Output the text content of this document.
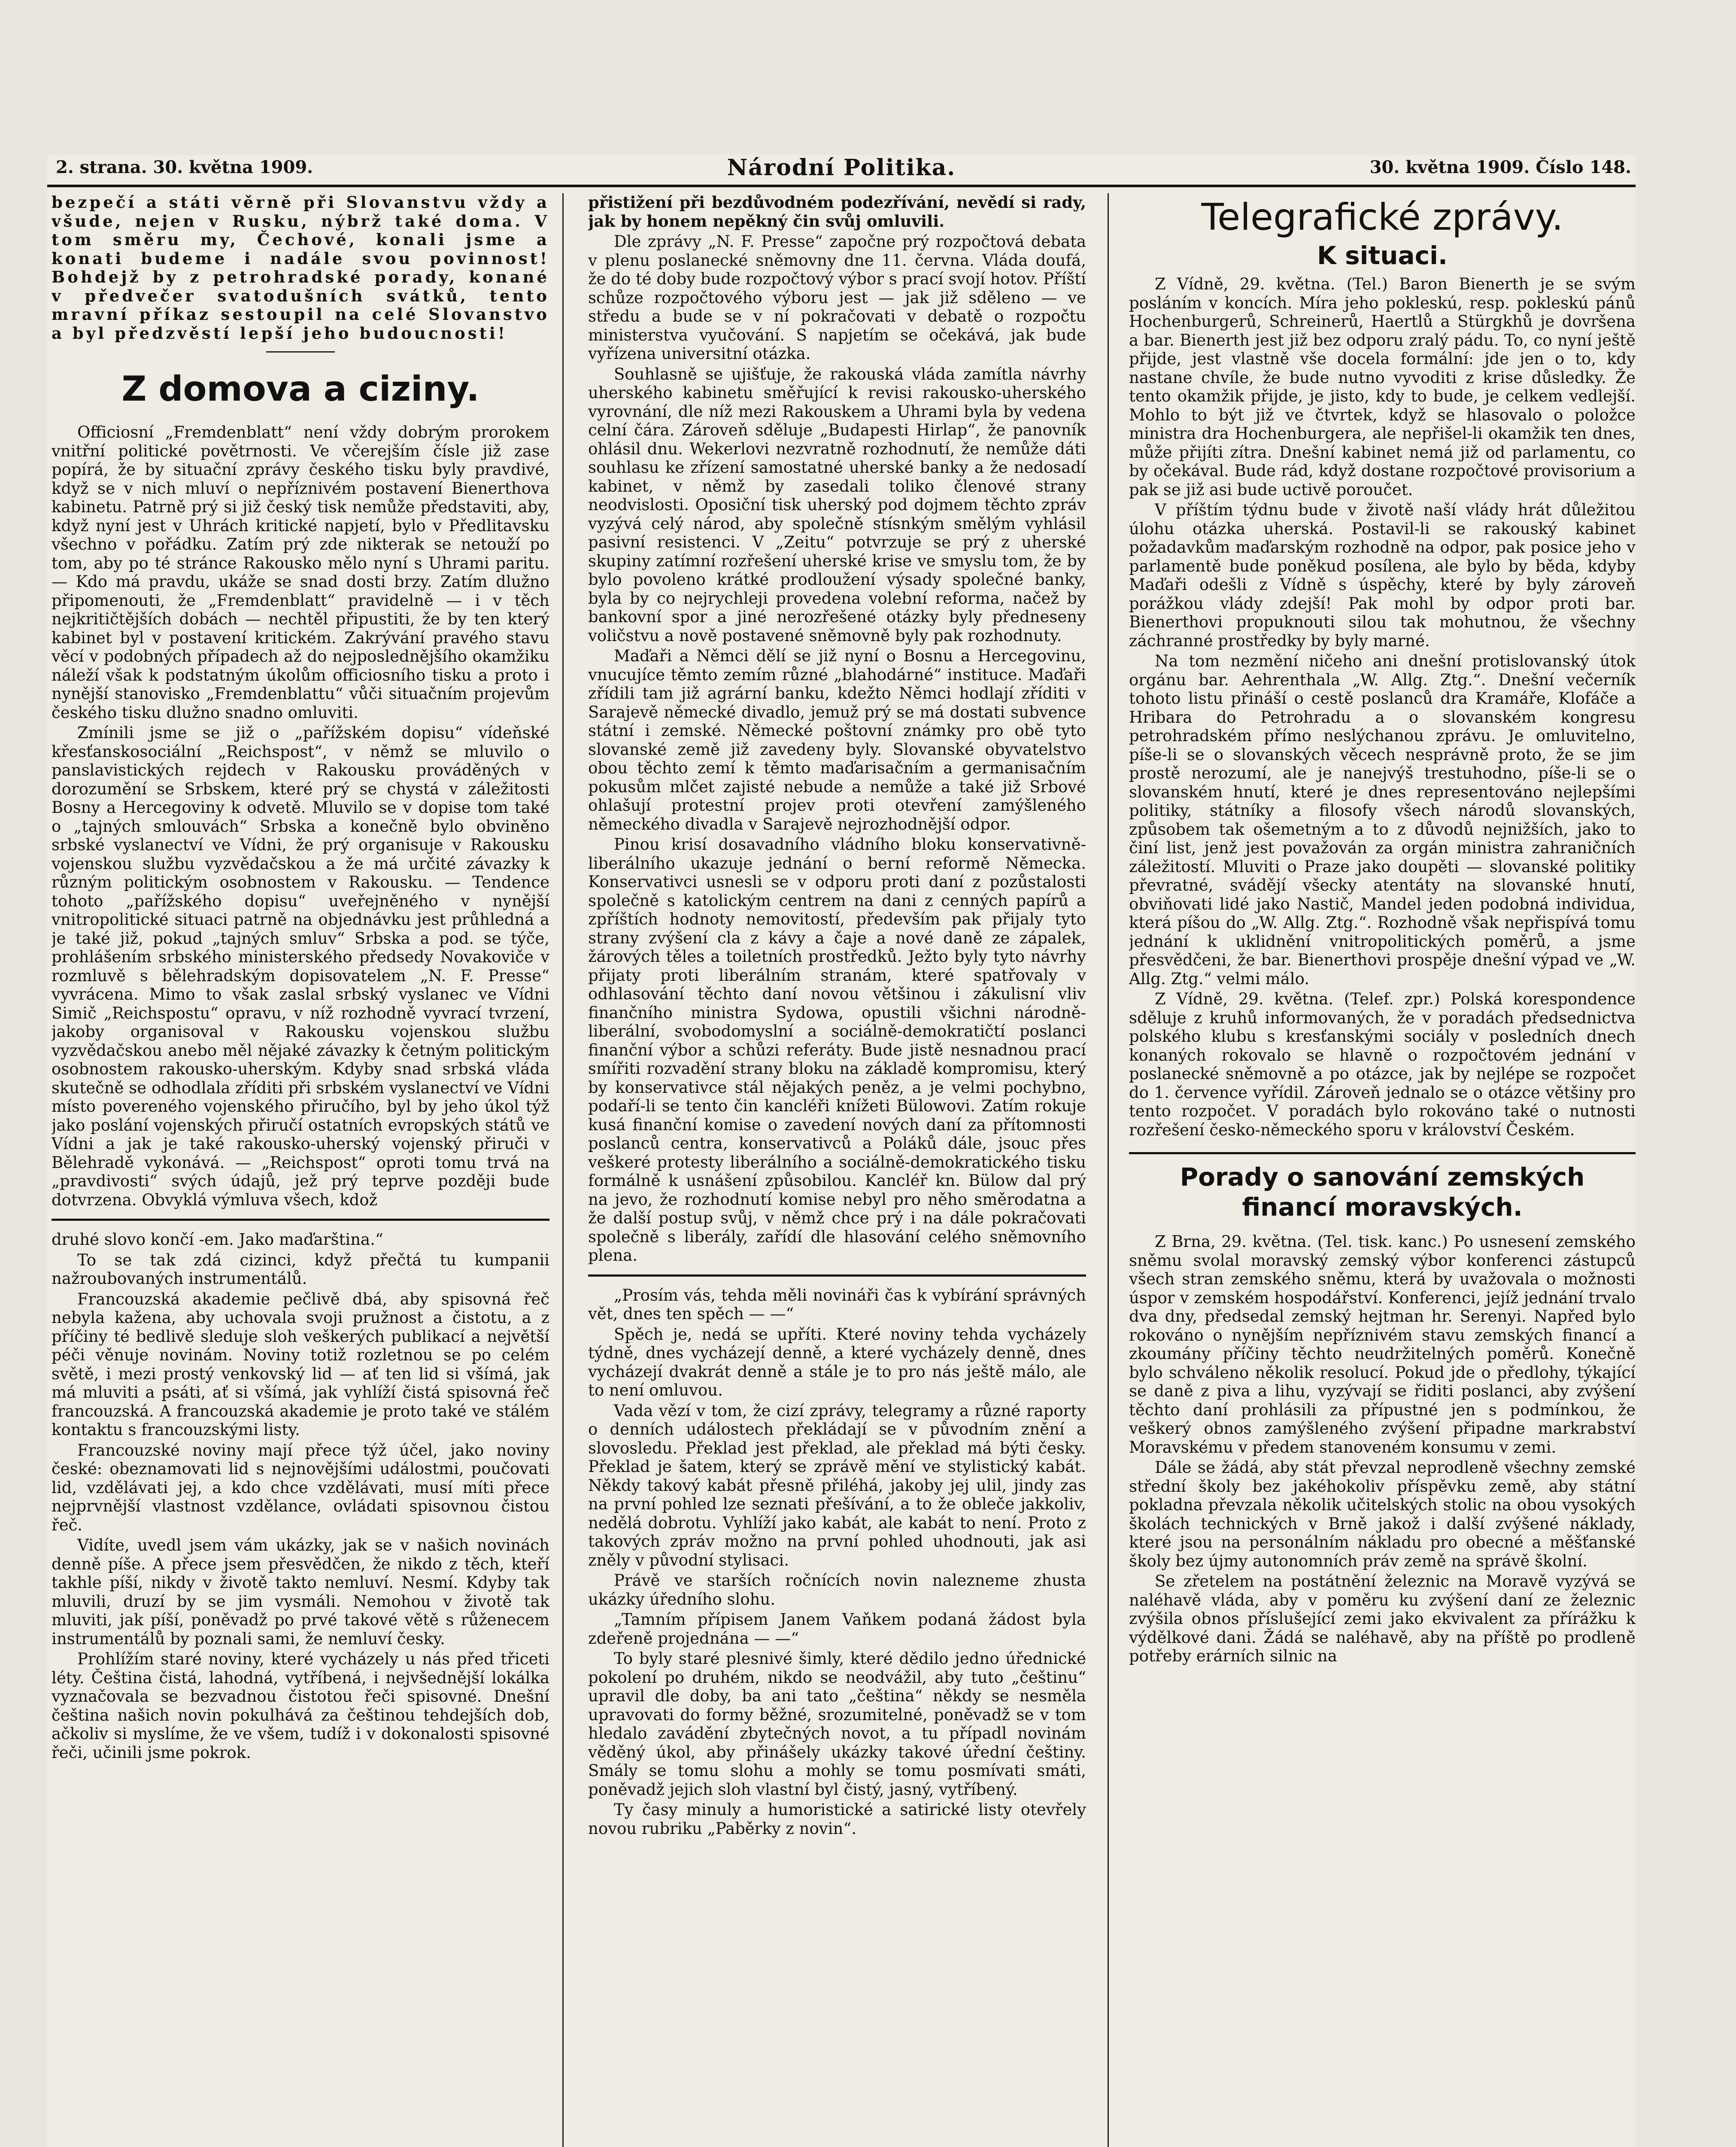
2. strana. 30. května 1909.	Národní Politika.	30. května 1909. Číslo 148.

bezpečí a státi věrně při Slovanstvu vždy a všude, nejen v Rusku, nýbrž také doma. V tom směru my, Čechové, konali jsme a konati budeme i nadále svou povinnost! Bohdejž by z petrohradské porady, konané v předvečer svatodušních svátků, tento mravní příkaz sestoupil na celé Slovanstvo a byl předzvěstí lepší jeho budoucnosti!

Z domova a ciziny.

Officiosní „Fremdenblatt“ není vždy dobrým prorokem vnitřní politické povětrnosti. Ve včerejším čísle již zase popírá, že by situační zprávy českého tisku byly pravdivé, když se v nich mluví o nepříznivém postavení Bienerthova kabinetu. Patrně prý si již český tisk nemůže představiti, aby, když nyní jest v Uhrách kritické napjetí, bylo v Předlitavsku všechno v pořádku. Zatím prý zde nikterak se netouží po tom, aby po té stránce Rakousko mělo nyní s Uhrami paritu. — Kdo má pravdu, ukáže se snad dosti brzy. Zatím dlužno připomenouti, že „Fremdenblatt“ pravidelně — i v těch nejkritičtějších dobách — nechtěl připustiti, že by ten který kabinet byl v postavení kritickém. Zakrývání pravého stavu věcí v podobných případech až do nejposlednějšího okamžiku náleží však k podstatným úkolům officiosního tisku a proto i nynější stanovisko „Fremdenblattu“ vůči situačním projevům českého tisku dlužno snadno omluviti.

Zmínili jsme se již o „pařížském dopisu“ vídeňské křesťanskosociální „Reichspost“, v němž se mluvilo o panslavistických rejdech v Rakousku prováděných v dorozumění se Srbskem, které prý se chystá v záležitosti Bosny a Hercegoviny k odvetě. Mluvilo se v dopise tom také o „tajných smlouvách“ Srbska a konečně bylo obviněno srbské vyslanectví ve Vídni, že prý organisuje v Rakousku vojenskou službu vyzvědačskou a že má určité závazky k různým politickým osobnostem v Rakousku. — Tendence tohoto „pařížského dopisu“ uveřejněného v nynější vnitropolitické situaci patrně na objednávku jest průhledná a je také již, pokud „tajných smluv“ Srbska a pod. se týče, prohlášením srbského ministerského předsedy Novakoviče v rozmluvě s bělehradským dopisovatelem „N. F. Presse“ vyvrácena. Mimo to však zaslal srbský vyslanec ve Vídni Simič „Reichspostu“ opravu, v níž rozhodně vyvrací tvrzení, jakoby organisoval v Rakousku vojenskou službu vyzvědačskou anebo měl nějaké závazky k četným politickým osobnostem rakousko-uherským. Kdyby snad srbská vláda skutečně se odhodlala zříditi při srbském vyslanectví ve Vídni místo povereného vojenského přiručího, byl by jeho úkol týž jako poslání vojenských přiručí ostatních evropských států ve Vídni a jak je také rakousko-uherský vojenský přiruči v Bělehradě vykonává. — „Reichspost“ oproti tomu trvá na „pravdivosti“ svých údajů, jež prý teprve později bude dotvrzena. Obvyklá výmluva všech, kdož

druhé slovo končí -em. Jako maďarština.“

To se tak zdá cizinci, když přečtá tu kumpanii nažroubovaných instrumentálů.

Francouzská akademie pečlivě dbá, aby spisovná řeč nebyla kažena, aby uchovala svoji pružnost a čistotu, a z příčiny té bedlivě sleduje sloh veškerých publikací a největší péči věnuje novinám. Noviny totiž rozletnou se po celém světě, i mezi prostý venkovský lid — ať ten lid si všímá, jak má mluviti a psáti, ať si všímá, jak vyhlíží čistá spisovná řeč francouzská. A francouzská akademie je proto také ve stálém kontaktu s francouzskými listy.

Francouzské noviny mají přece týž účel, jako noviny české: obeznamovati lid s nejnovějšími událostmi, poučovati lid, vzdělávati jej, a kdo chce vzdělávati, musí míti přece nejprvnější vlastnost vzdělance, ovládati spisovnou čistou řeč.

Vidíte, uvedl jsem vám ukázky, jak se v našich novinách denně píše. A přece jsem přesvědčen, že nikdo z těch, kteří takhle píší, nikdy v životě takto nemluví. Nesmí. Kdyby tak mluvili, druzí by se jim vysmáli. Nemohou v životě tak mluviti, jak píší, poněvadž po prvé takové větě s růženecem instrumentálů by poznali sami, že nemluví česky.

Prohlížím staré noviny, které vycházely u nás před třiceti léty. Čeština čistá, lahodná, vytříbená, i nejvšednější lokálka vyznačovala se bezvadnou čistotou řeči spisovné. Dnešní čeština našich novin pokulhává za češtinou tehdejších dob, ačkoliv si myslíme, že ve všem, tudíž i v dokonalosti spisovné řeči, učinili jsme pokrok.

přistižení při bezdůvodném podezřívání, nevědí si rady, jak by honem nepěkný čin svůj omluvili.

Dle zprávy „N. F. Presse“ započne prý rozpočtová debata v plenu poslanecké sněmovny dne 11. června. Vláda doufá, že do té doby bude rozpočtový výbor s prací svojí hotov. Příští schůze rozpočtového výboru jest — jak již sděleno — ve středu a bude se v ní pokračovati v debatě o rozpočtu ministerstva vyučování. S napjetím se očekává, jak bude vyřízena universitní otázka.

Souhlasně se ujišťuje, že rakouská vláda zamítla návrhy uherského kabinetu směřující k revisi rakousko-uherského vyrovnání, dle níž mezi Rakouskem a Uhrami byla by vedena celní čára. Zároveň sděluje „Budapesti Hirlap“, že panovník ohlásil dnu. Wekerlovi nezvratně rozhodnutí, že nemůže dáti souhlasu ke zřízení samostatné uherské banky a že nedosadí kabinet, v němž by zasedali toliko členové strany neodvislosti. Oposiční tisk uherský pod dojmem těchto zpráv vyzývá celý národ, aby společně stísnkým smělým vyhlásil pasivní resistenci. V „Zeitu“ potvrzuje se prý z uherské skupiny zatímní rozřešení uherské krise ve smyslu tom, že by bylo povoleno krátké prodloužení výsady společné banky, byla by co nejrychleji provedena volební reforma, načež by bankovní spor a jiné nerozřešené otázky byly předneseny voličstvu a nově postavené sněmovně byly pak rozhodnuty.

Maďaři a Němci dělí se již nyní o Bosnu a Hercegovinu, vnucujíce těmto zemím různé „blahodárné“ instituce. Maďaři zřídili tam již agrární banku, kdežto Němci hodlají zříditi v Sarajevě německé divadlo, jemuž prý se má dostati subvence státní i zemské. Německé poštovní známky pro obě tyto slovanské země již zavedeny byly. Slovanské obyvatelstvo obou těchto zemí k těmto maďarisačním a germanisačním pokusům mlčet zajisté nebude a nemůže a také již Srbové ohlašují protestní projev proti otevření zamýšleného německého divadla v Sarajevě nejrozhodnější odpor.

Pinou krisí dosavadního vládního bloku konservativně-liberálního ukazuje jednání o berní reformě Německa. Konservativci usnesli se v odporu proti daní z pozůstalosti společně s katolickým centrem na dani z cenných papírů a zpříštích hodnoty nemovitostí, především pak přijaly tyto strany zvýšení cla z kávy a čaje a nové daně ze zápalek, žárových těles a toiletních prostředků. Ježto byly tyto návrhy přijaty proti liberálním stranám, které spatřovaly v odhlasování těchto daní novou většinou i zákulisní vliv finančního ministra Sydowa, opustili všichni národně-liberální, svobodomyslní a sociálně-demokratičtí poslanci finanční výbor a schůzi referáty. Bude jistě nesnadnou prací smířiti rozvadění strany bloku na základě kompromisu, který by konservativce stál nějakých peněz, a je velmi pochybno, podaří-li se tento čin kancléři knížeti Bülowovi. Zatím rokuje kusá finanční komise o zavedení nových daní za přítomnosti poslanců centra, konservativců a Poláků dále, jsouc přes veškeré protesty liberálního a sociálně-demokratického tisku formálně k usnášení způsobilou. Kancléř kn. Bülow dal prý na jevo, že rozhodnutí komise nebyl pro něho směrodatna a že další postup svůj, v němž chce prý i na dále pokračovati společně s liberály, zařídí dle hlasování celého sněmovního plena.

„Prosím vás, tehda měli novináři čas k vybírání správných vět, dnes ten spěch — —“

Spěch je, nedá se upříti. Které noviny tehda vycházely týdně, dnes vycházejí denně, a které vycházely denně, dnes vycházejí dvakrát denně a stále je to pro nás ještě málo, ale to není omluvou.

Vada vězí v tom, že cizí zprávy, telegramy a různé raporty o denních událostech překládají se v původním znění a slovosledu. Překlad jest překlad, ale překlad má býti česky. Překlad je šatem, který se zprávě mění ve stylistický kabát. Někdy takový kabát přesně přiléhá, jakoby jej ulil, jindy zas na první pohled lze seznati přešívání, a to že obleče jakkoliv, nedělá dobrotu. Vyhlíží jako kabát, ale kabát to není. Proto z takových zpráv možno na první pohled uhodnouti, jak asi zněly v původní stylisaci.

Právě ve starších ročnících novin nalezneme zhusta ukázky úředního slohu.

„Tamním přípisem Janem Vaňkem podaná žádost byla zdeřeně projednána — —“

To byly staré plesnivé šimly, které dědilo jedno úřednické pokolení po druhém, nikdo se neodvážil, aby tuto „češtinu“ upravil dle doby, ba ani tato „čeština“ někdy se nesměla upravovati do formy běžné, srozumitelné, poněvadž se v tom hledalo zavádění zbytečných novot, a tu případl novinám věděný úkol, aby přinášely ukázky takové úřední češtiny. Smály se tomu slohu a mohly se tomu posmívati smáti, poněvadž jejich sloh vlastní byl čistý, jasný, vytříbený.

Ty časy minuly a humoristické a satirické listy otevřely novou rubriku „Paběrky z novin“.

Telegrafické zprávy.
K situaci.

Z Vídně, 29. května. (Tel.) Baron Bienerth je se svým posláním v koncích. Míra jeho pokleskú, resp. pokleskú pánů Hochenburgerů, Schreinerů, Haertlů a Stürgkhů je dovršena a bar. Bienerth jest již bez odporu zralý pádu. To, co nyní ještě přijde, jest vlastně vše docela formální: jde jen o to, kdy nastane chvíle, že bude nutno vyvoditi z krise důsledky. Že tento okamžik přijde, je jisto, kdy to bude, je celkem vedlejší. Mohlo to být již ve čtvrtek, když se hlasovalo o položce ministra dra Hochenburgera, ale nepřišel-li okamžik ten dnes, může přijíti zítra. Dnešní kabinet nemá již od parlamentu, co by očekával. Bude rád, když dostane rozpočtové provisorium a pak se již asi bude uctivě poroučet.

V příštím týdnu bude v životě naší vlády hrát důležitou úlohu otázka uherská. Postavil-li se rakouský kabinet požadavkům maďarským rozhodně na odpor, pak posice jeho v parlamentě bude poněkud posílena, ale bylo by běda, kdyby Maďaři odešli z Vídně s úspěchy, které by byly zároveň porážkou vlády zdejší! Pak mohl by odpor proti bar. Bienerthovi propuknouti silou tak mohutnou, že všechny záchranné prostředky by byly marné.

Na tom nezmění ničeho ani dnešní protislovanský útok orgánu bar. Aehrenthala „W. Allg. Ztg.“. Dnešní večerník tohoto listu přináší o cestě poslanců dra Kramáře, Klofáče a Hribara do Petrohradu a o slovanském kongresu petrohradském přímo neslýchanou zprávu. Je omluvitelno, píše-li se o slovanských věcech nesprávně proto, že se jim prostě nerozumí, ale je nanejvýš trestuhodno, píše-li se o slovanském hnutí, které je dnes representováno nejlepšími politiky, státníky a filosofy všech národů slovanských, způsobem tak ošemetným a to z důvodů nejnižších, jako to činí list, jenž jest považován za orgán ministra zahraničních záležitostí. Mluviti o Praze jako doupěti — slovanské politiky převratné, svádějí všecky atentáty na slovanské hnutí, obviňovati lidé jako Nastič, Mandel jeden podobná individua, která píšou do „W. Allg. Ztg.“. Rozhodně však nepřispívá tomu jednání k uklidnění vnitropolitických poměrů, a jsme přesvědčeni, že bar. Bienerthovi prospěje dnešní výpad ve „W. Allg. Ztg.“ velmi málo.

Z Vídně, 29. května. (Telef. zpr.) Polská korespondence sděluje z kruhů informovaných, že v poradách předsednictva polského klubu s kresťanskými sociály v posledních dnech konaných rokovalo se hlavně o rozpočtovém jednání v poslanecké sněmovně a po otázce, jak by nejlépe se rozpočet do 1. července vyřídil. Zároveň jednalo se o otázce většiny pro tento rozpočet. V poradách bylo rokováno také o nutnosti rozřešení česko-německého sporu v království Českém.

Porady o sanování zemských financí moravských.

Z Brna, 29. května. (Tel. tisk. kanc.) Po usnesení zemského sněmu svolal moravský zemský výbor konferenci zástupců všech stran zemského sněmu, která by uvažovala o možnosti úspor v zemském hospodářství. Konferenci, jejíž jednání trvalo dva dny, předsedal zemský hejtman hr. Serenyi. Napřed bylo rokováno o nynějším nepříznivém stavu zemských financí a zkoumány příčiny těchto neudržitelných poměrů. Konečně bylo schváleno několik resolucí. Pokud jde o předlohy, týkající se daně z piva a lihu, vyzývají se řiditi poslanci, aby zvýšení těchto daní prohlásili za přípustné jen s podmínkou, že veškerý obnos zamýšleného zvýšení připadne markrabství Moravskému v předem stanoveném konsumu v zemi.

Dále se žádá, aby stát převzal neprodleně všechny zemské střední školy bez jakéhokoliv příspěvku země, aby státní pokladna převzala několik učitelských stolic na obou vysokých školách technických v Brně jakož i další zvýšené náklady, které jsou na personálním nákladu pro obecné a měšťanské školy bez újmy autonomních práv země na správě školní.

Se zřetelem na postátnění železnic na Moravě vyzývá se naléhavě vláda, aby v poměru ku zvýšení daní ze železnic zvýšila obnos příslušející zemi jako ekvivalent za přírážku k výdělkové dani. Žádá se naléhavě, aby na příště po prodleně potřeby erárních silnic na
